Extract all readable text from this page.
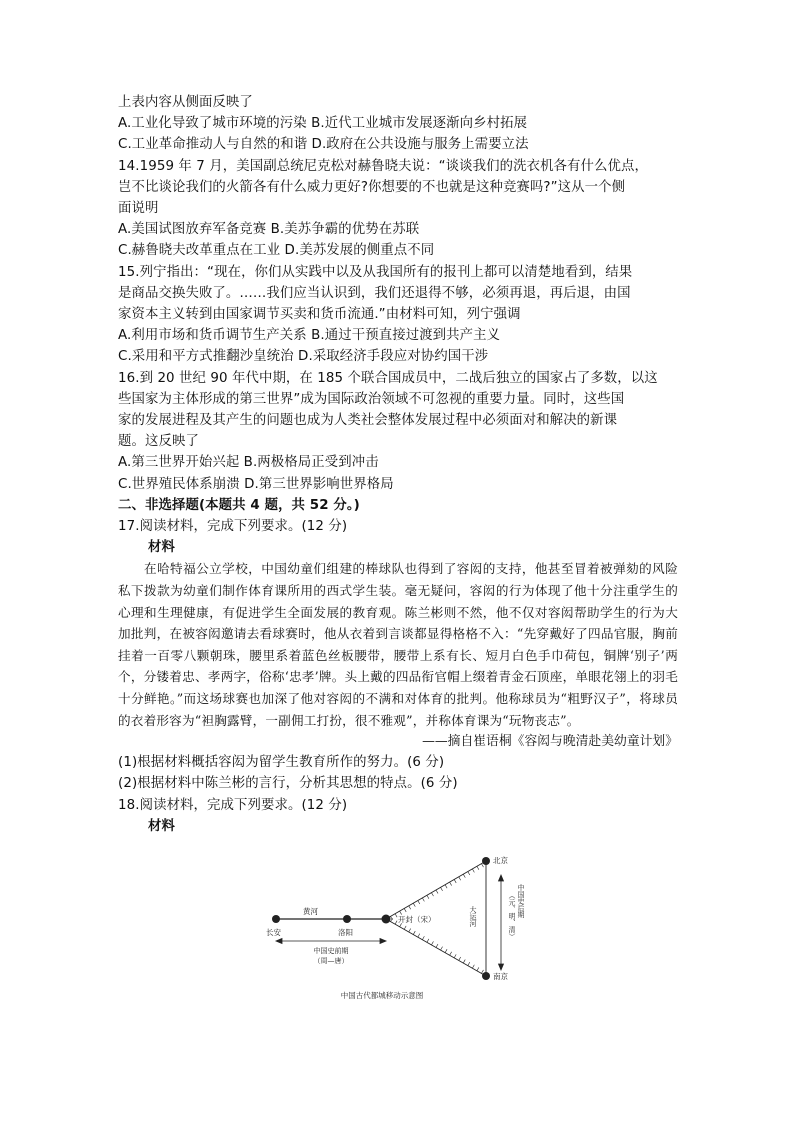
上表内容从侧面反映了
A.工业化导致了城市环境的污染 B.近代工业城市发展逐渐向乡村拓展
C.工业革命推动人与自然的和谐 D.政府在公共设施与服务上需要立法
14.1959 年 7 月，美国副总统尼克松对赫鲁晓夫说：“谈谈我们的洗衣机各有什么优点，
岂不比谈论我们的火箭各有什么威力更好?你想要的不也就是这种竞赛吗?”这从一个侧
面说明
A.美国试图放弃军备竞赛 B.美苏争霸的优势在苏联
C.赫鲁晓夫改革重点在工业 D.美苏发展的侧重点不同
15.列宁指出：“现在，你们从实践中以及从我国所有的报刊上都可以清楚地看到，结果
是商品交换失败了。……我们应当认识到，我们还退得不够，必须再退，再后退，由国
家资本主义转到由国家调节买卖和货币流通.”由材料可知，列宁强调
A.利用市场和货币调节生产关系 B.通过干预直接过渡到共产主义
C.采用和平方式推翻沙皇统治 D.采取经济手段应对协约国干涉
16.到 20 世纪 90 年代中期，在 185 个联合国成员中，二战后独立的国家占了多数，以这
些国家为主体形成的第三世界”成为国际政治领域不可忽视的重要力量。同时，这些国
家的发展进程及其产生的问题也成为人类社会整体发展过程中必须面对和解决的新课
题。这反映了
A.第三世界开始兴起 B.两极格局正受到冲击
C.世界殖民体系崩溃 D.第三世界影响世界格局
二、非选择题(本题共 4 题，共 52 分。)
17.阅读材料，完成下列要求。(12 分)
材料

在哈特福公立学校，中国幼童们组建的棒球队也得到了容闳的支持，他甚至冒着被弹劾的风险私下拨款为幼童们制作体育课所用的西式学生装。毫无疑问，容闳的行为体现了他十分注重学生的心理和生理健康，有促进学生全面发展的教育观。陈兰彬则不然，他不仅对容闳帮助学生的行为大加批判，在被容闳邀请去看球赛时，他从衣着到言谈都显得格格不入：“先穿戴好了四品官服，胸前挂着一百零八颗朝珠，腰里系着蓝色丝板腰带，腰带上系有长、短月白色手巾荷包，铜牌‘别子’两个，分镂着忠、孝两字，俗称‘忠孝’牌。头上戴的四品衔官帽上缀着青金石顶座，单眼花翎上的羽毛十分鲜艳。”而这场球赛也加深了他对容闳的不满和对体育的批判。他称球员为“粗野汉子”，将球员的衣着形容为“袒胸露臂，一副佣工打扮，很不雅观”，并称体育课为“玩物丧志”。

——摘自崔语桐《容闳与晚清赴美幼童计划》
(1)根据材料概括容闳为留学生教育所作的努力。(6 分)
(2)根据材料中陈兰彬的言行，分析其思想的特点。(6 分)
18.阅读材料，完成下列要求。(12 分)
材料
北京
南京
开封（宋）
长安	洛阳
黄河	大运河
中国史前期
（周—唐）
中国史后期
（元、明、清）
中国古代都城移动示意图
